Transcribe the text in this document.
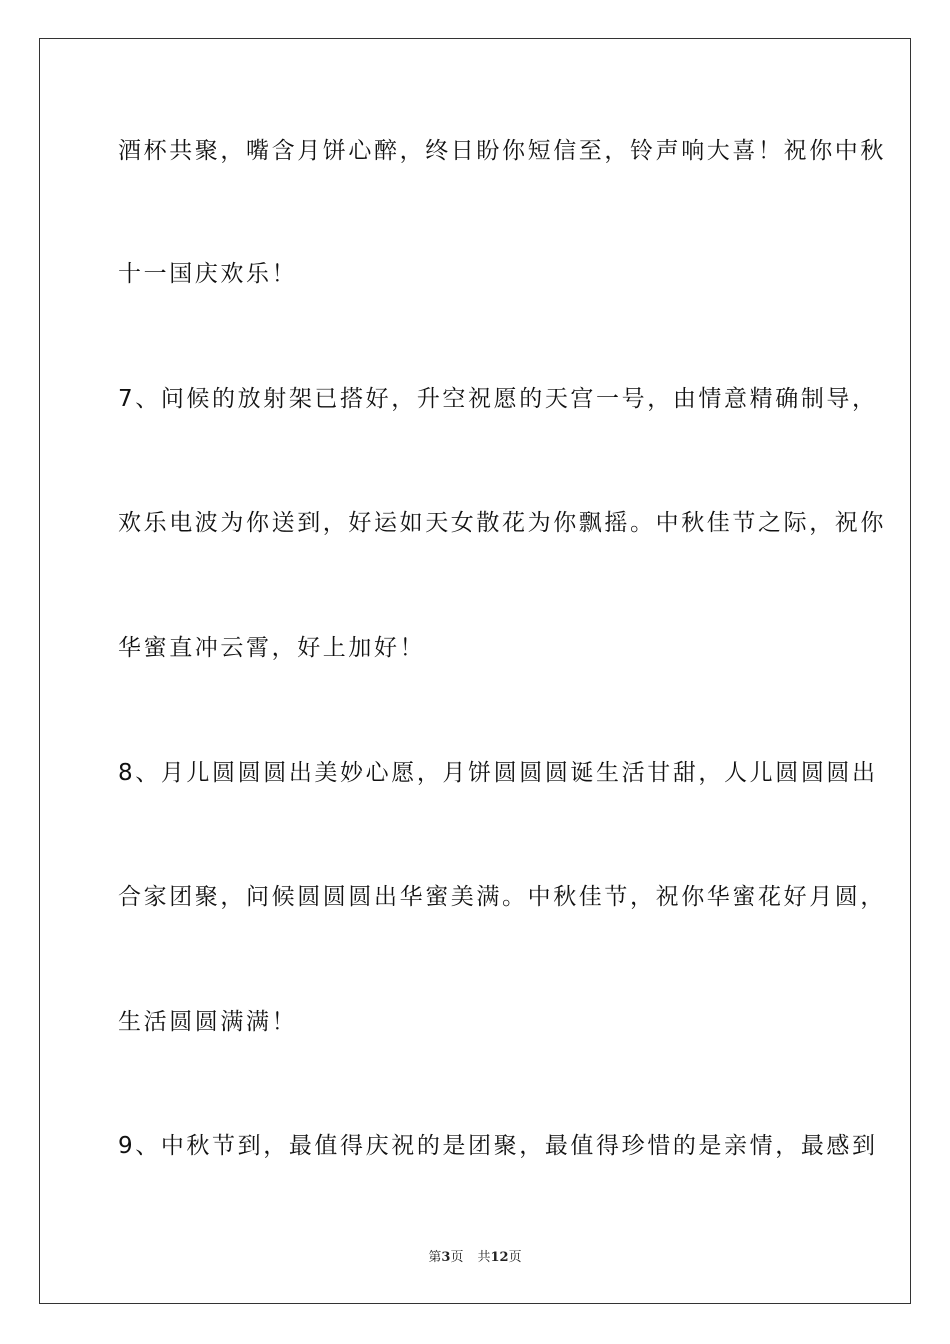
酒杯共聚，嘴含月饼心醉，终日盼你短信至，铃声响大喜！祝你中秋
十一国庆欢乐！
7、问候的放射架已搭好，升空祝愿的天宫一号，由情意精确制导，
欢乐电波为你送到，好运如天女散花为你飘摇。中秋佳节之际，祝你
华蜜直冲云霄，好上加好！
8、月儿圆圆圆出美妙心愿，月饼圆圆圆诞生活甘甜，人儿圆圆圆出
合家团聚，问候圆圆圆出华蜜美满。中秋佳节，祝你华蜜花好月圆，
生活圆圆满满！
9、中秋节到，最值得庆祝的是团聚，最值得珍惜的是亲情，最感到
第3页 共12页
